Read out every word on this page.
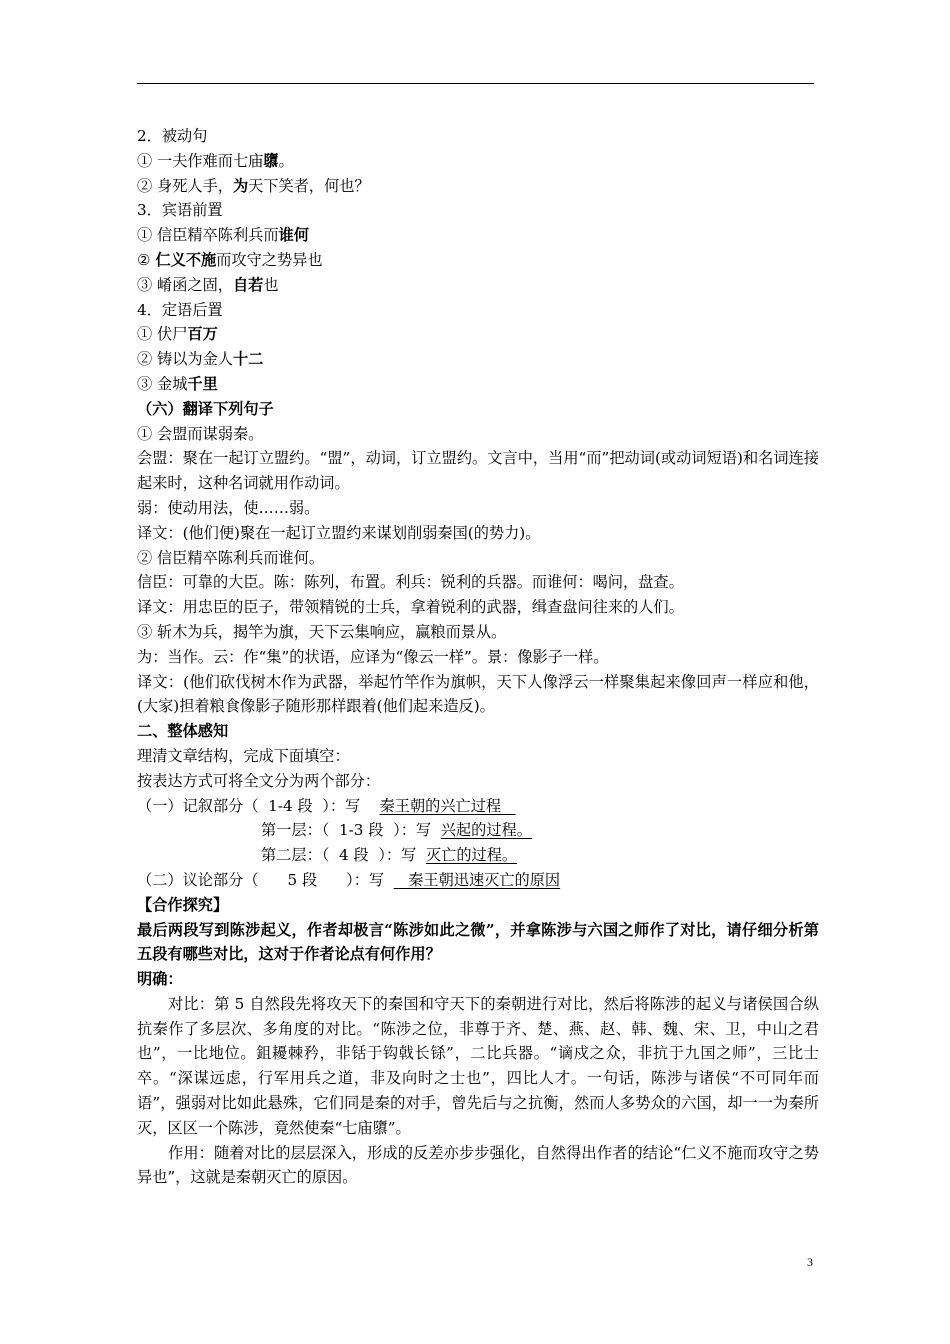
2．被动句

① 一夫作难而七庙隳。

② 身死人手，为天下笑者，何也？

3．宾语前置

① 信臣精卒陈利兵而谁何

② 仁义不施而攻守之势异也

③ 崤函之固，自若也

4．定语后置

① 伏尸百万

② 铸以为金人十二

③ 金城千里

（六）翻译下列句子

① 会盟而谋弱秦。

会盟：聚在一起订立盟约。“盟”，动词，订立盟约。文言中，当用“而”把动词(或动词短语)和名词连接起来时，这种名词就用作动词。

弱：使动用法，使……弱。

译文：(他们便)聚在一起订立盟约来谋划削弱秦国(的势力)。

② 信臣精卒陈利兵而谁何。

信臣：可靠的大臣。陈：陈列，布置。利兵：锐利的兵器。而谁何：喝问，盘查。

译文：用忠臣的臣子，带领精锐的士兵，拿着锐利的武器，缉查盘问往来的人们。

③ 斩木为兵，揭竿为旗，天下云集响应，赢粮而景从。

为：当作。云：作“集”的状语，应译为“像云一样”。景：像影子一样。

译文：(他们砍伐树木作为武器，举起竹竿作为旗帜，天下人像浮云一样聚集起来像回声一样应和他，(大家)担着粮食像影子随形那样跟着(他们起来造反)。

二、整体感知

理清文章结构，完成下面填空：

按表达方式可将全文分为两个部分：

（一）记叙部分（  1-4 段  ）：写    秦王朝的兴亡过程

第一层：（  1-3 段  ）：写  兴起的过程。

第二层：（  4 段  ）：写  灭亡的过程。

（二）议论部分（      5 段      ）：写     秦王朝迅速灭亡的原因

【合作探究】

最后两段写到陈涉起义，作者却极言“陈涉如此之微”，并拿陈涉与六国之师作了对比，请仔细分析第五段有哪些对比，这对于作者论点有何作用？

明确：

对比：第 5 自然段先将攻天下的秦国和守天下的秦朝进行对比，然后将陈涉的起义与诸侯国合纵抗秦作了多层次、多角度的对比。“陈涉之位，非尊于齐、楚、燕、赵、韩、魏、宋、卫，中山之君也”，一比地位。鉏耰棘矜，非铦于钩戟长铩”，二比兵器。“谪戍之众，非抗于九国之师”，三比士卒。“深谋远虑，行军用兵之道，非及向时之士也”，四比人才。一句话，陈涉与诸侯“不可同年而语”，强弱对比如此悬殊，它们同是秦的对手，曾先后与之抗衡，然而人多势众的六国，却一一为秦所灭，区区一个陈涉，竟然使秦“七庙隳”。

作用：随着对比的层层深入，形成的反差亦步步强化，自然得出作者的结论“仁义不施而攻守之势异也”，这就是秦朝灭亡的原因。

3
